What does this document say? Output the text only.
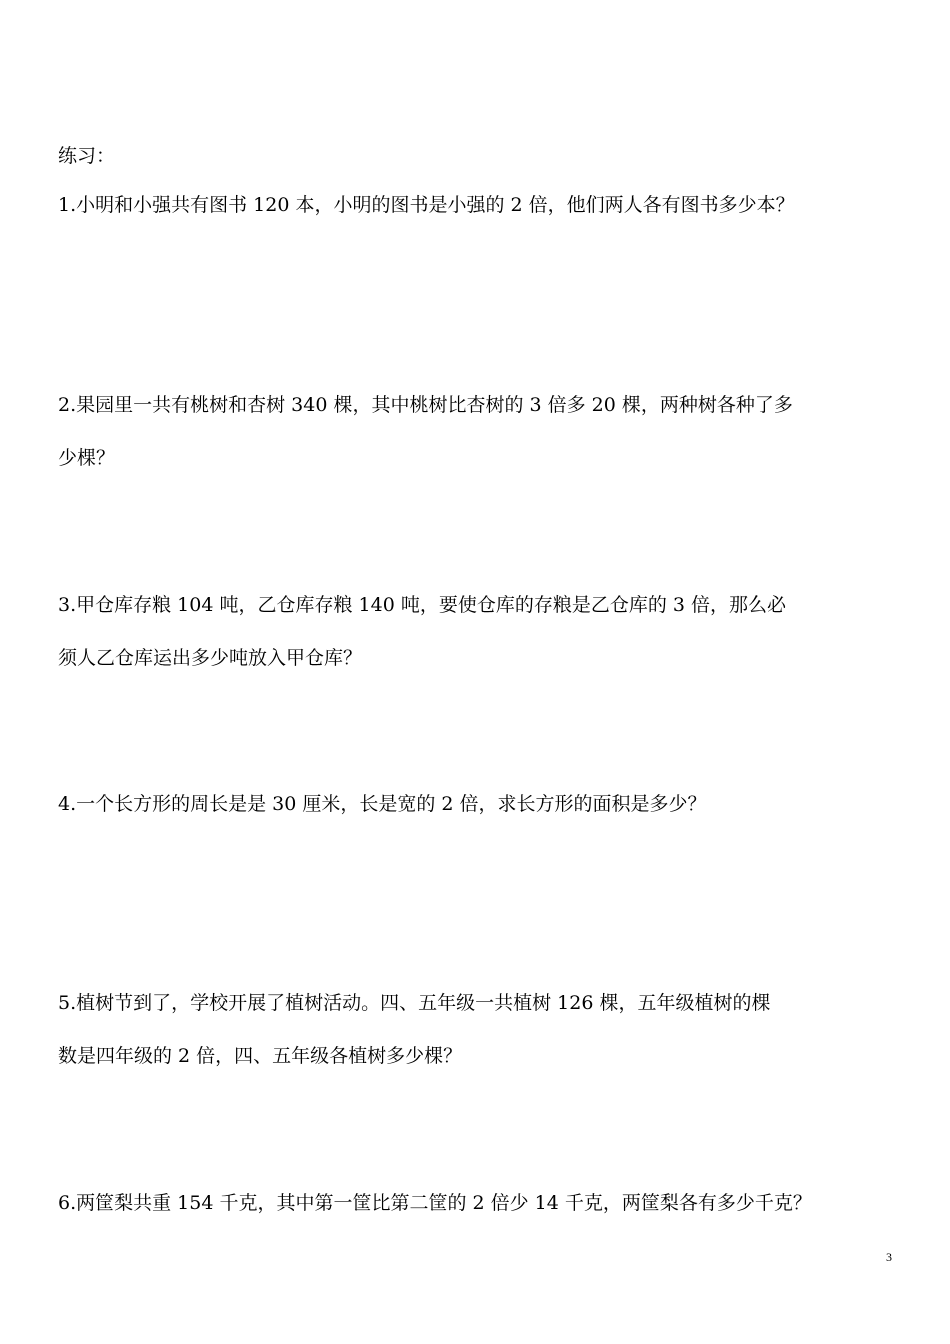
练习：
1.小明和小强共有图书 120 本，小明的图书是小强的 2 倍，他们两人各有图书多少本？
2.果园里一共有桃树和杏树 340 棵，其中桃树比杏树的 3 倍多 20 棵，两种树各种了多
少棵？
3.甲仓库存粮 104 吨，乙仓库存粮 140 吨，要使仓库的存粮是乙仓库的 3 倍，那么必
须人乙仓库运出多少吨放入甲仓库？
4.一个长方形的周长是是 30 厘米，长是宽的 2 倍，求长方形的面积是多少？
5.植树节到了，学校开展了植树活动。四、五年级一共植树 126 棵，五年级植树的棵
数是四年级的 2 倍，四、五年级各植树多少棵？
6.两筐梨共重 154 千克，其中第一筐比第二筐的 2 倍少 14 千克，两筐梨各有多少千克？
3
